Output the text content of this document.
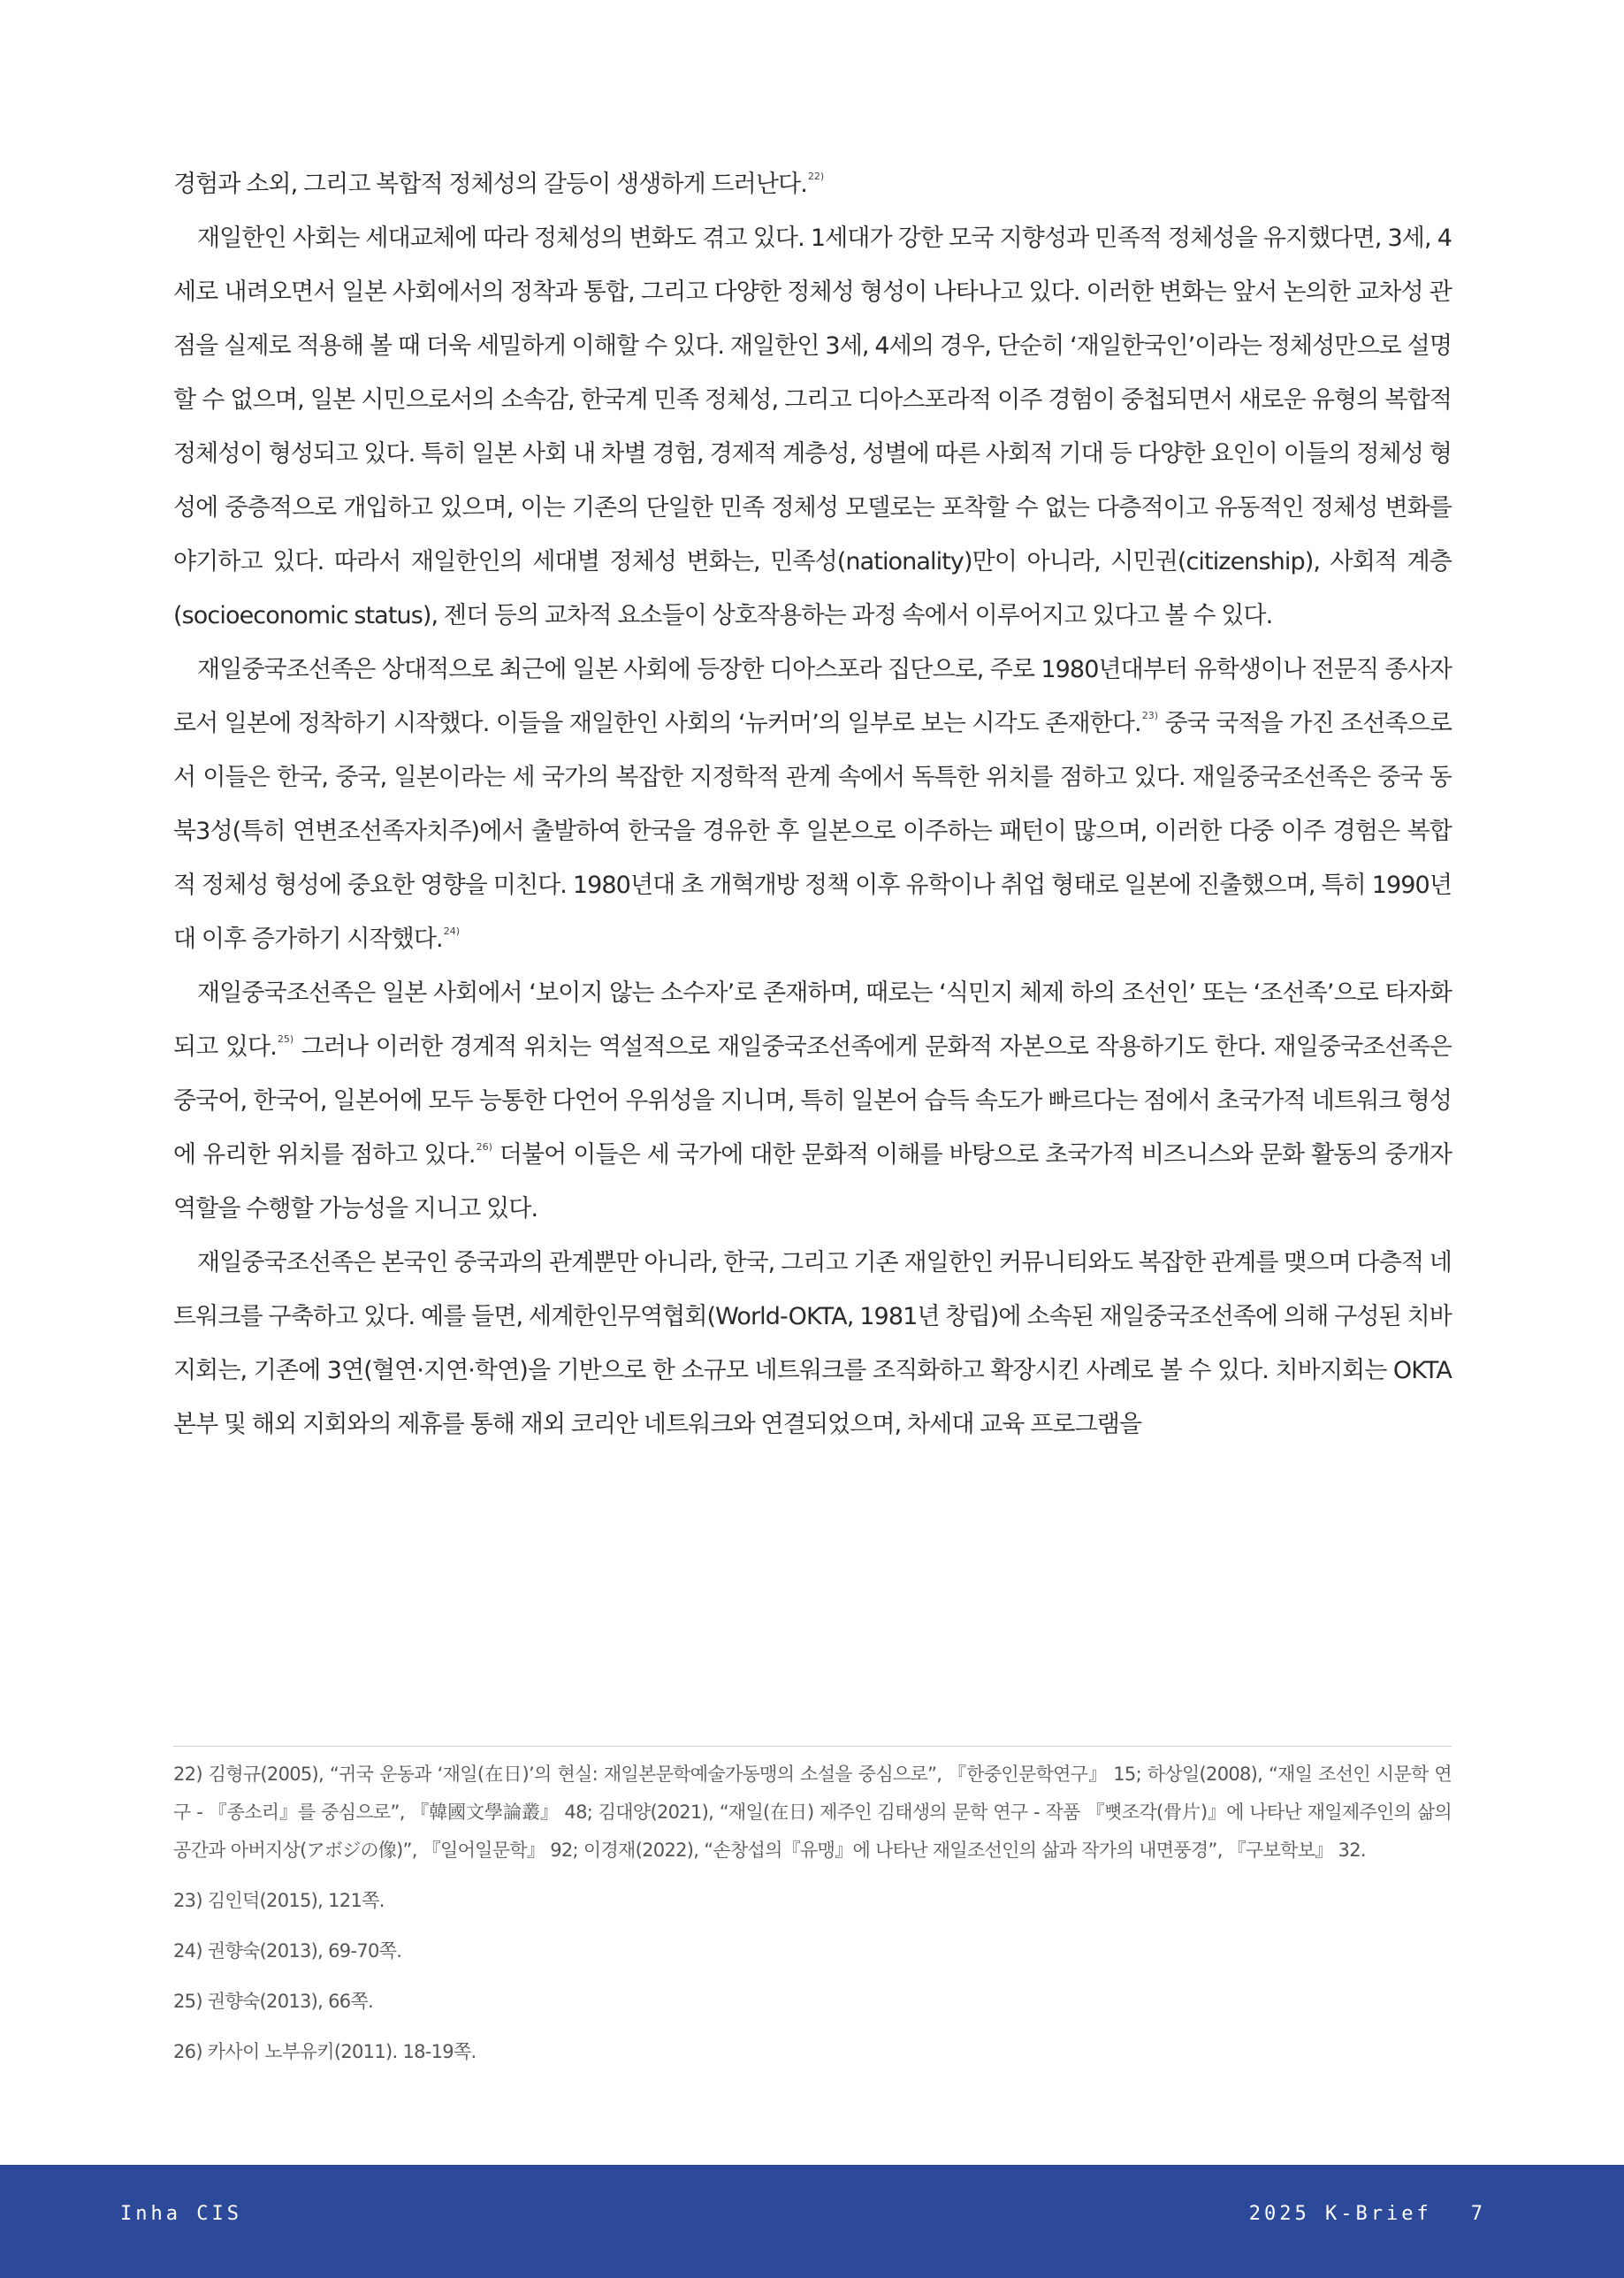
경험과 소외, 그리고 복합적 정체성의 갈등이 생생하게 드러난다.$^{22)}$

재일한인 사회는 세대교체에 따라 정체성의 변화도 겪고 있다. 1세대가 강한 모국 지향성과 민족적 정체성을 유지했다면, 3세, 4세로 내려오면서 일본 사회에서의 정착과 통합, 그리고 다양한 정체성 형성이 나타나고 있다. 이러한 변화는 앞서 논의한 교차성 관점을 실제로 적용해 볼 때 더욱 세밀하게 이해할 수 있다. 재일한인 3세, 4세의 경우, 단순히 ‘재일한국인’이라는 정체성만으로 설명할 수 없으며, 일본 시민으로서의 소속감, 한국계 민족 정체성, 그리고 디아스포라적 이주 경험이 중첩되면서 새로운 유형의 복합적 정체성이 형성되고 있다. 특히 일본 사회 내 차별 경험, 경제적 계층성, 성별에 따른 사회적 기대 등 다양한 요인이 이들의 정체성 형성에 중층적으로 개입하고 있으며, 이는 기존의 단일한 민족 정체성 모델로는 포착할 수 없는 다층적이고 유동적인 정체성 변화를 야기하고 있다. 따라서 재일한인의 세대별 정체성 변화는, 민족성(nationality)만이 아니라, 시민권(citizenship), 사회적 계층(socioeconomic status), 젠더 등의 교차적 요소들이 상호작용하는 과정 속에서 이루어지고 있다고 볼 수 있다.

재일중국조선족은 상대적으로 최근에 일본 사회에 등장한 디아스포라 집단으로, 주로 1980년대부터 유학생이나 전문직 종사자로서 일본에 정착하기 시작했다. 이들을 재일한인 사회의 ‘뉴커머’의 일부로 보는 시각도 존재한다.$^{23)}$ 중국 국적을 가진 조선족으로서 이들은 한국, 중국, 일본이라는 세 국가의 복잡한 지정학적 관계 속에서 독특한 위치를 점하고 있다. 재일중국조선족은 중국 동북3성(특히 연변조선족자치주)에서 출발하여 한국을 경유한 후 일본으로 이주하는 패턴이 많으며, 이러한 다중 이주 경험은 복합적 정체성 형성에 중요한 영향을 미친다. 1980년대 초 개혁개방 정책 이후 유학이나 취업 형태로 일본에 진출했으며, 특히 1990년대 이후 증가하기 시작했다.$^{24)}$

재일중국조선족은 일본 사회에서 ‘보이지 않는 소수자’로 존재하며, 때로는 ‘식민지 체제 하의 조선인’ 또는 ‘조선족’으로 타자화되고 있다.$^{25)}$ 그러나 이러한 경계적 위치는 역설적으로 재일중국조선족에게 문화적 자본으로 작용하기도 한다. 재일중국조선족은 중국어, 한국어, 일본어에 모두 능통한 다언어 우위성을 지니며, 특히 일본어 습득 속도가 빠르다는 점에서 초국가적 네트워크 형성에 유리한 위치를 점하고 있다.$^{26)}$ 더불어 이들은 세 국가에 대한 문화적 이해를 바탕으로 초국가적 비즈니스와 문화 활동의 중개자 역할을 수행할 가능성을 지니고 있다.

재일중국조선족은 본국인 중국과의 관계뿐만 아니라, 한국, 그리고 기존 재일한인 커뮤니티와도 복잡한 관계를 맺으며 다층적 네트워크를 구축하고 있다. 예를 들면, 세계한인무역협회(World-OKTA, 1981년 창립)에 소속된 재일중국조선족에 의해 구성된 치바지회는, 기존에 3연(혈연·지연·학연)을 기반으로 한 소규모 네트워크를 조직화하고 확장시킨 사례로 볼 수 있다. 치바지회는 OKTA 본부 및 해외 지회와의 제휴를 통해 재외 코리안 네트워크와 연결되었으며, 차세대 교육 프로그램을

22) 김형규(2005), “귀국 운동과 ‘재일(在日)’의 현실: 재일본문학예술가동맹의 소설을 중심으로”, 『한중인문학연구』 15; 하상일(2008), “재일 조선인 시문학 연구 - 『종소리』를 중심으로”, 『韓國文學論叢』 48; 김대양(2021), “재일(在日) 제주인 김태생의 문학 연구 - 작품 『뼛조각(骨片)』에 나타난 재일제주인의 삶의 공간과 아버지상(アボジの像)”, 『일어일문학』 92; 이경재(2022), “손창섭의『유맹』에 나타난 재일조선인의 삶과 작가의 내면풍경”, 『구보학보』 32.

23) 김인덕(2015), 121쪽.

24) 권향숙(2013), 69-70쪽.

25) 권향숙(2013), 66쪽.

26) 카사이 노부유키(2011). 18-19쪽.

Inha CIS	2025 K-Brief 7
